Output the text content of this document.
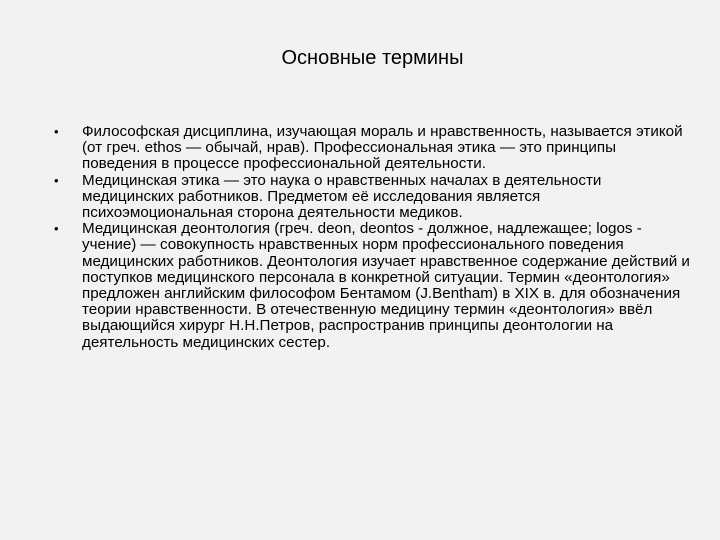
Основные термины
• Философская дисциплина, изучающая мораль и нравственность, называется этикой (от греч. ethos — обычай, нрав). Профессиональная этика — это принципы поведения в процессе профессиональной деятельности.
• Медицинская этика — это наука о нравственных началах в деятельности медицинских работников. Предметом её исследования является психоэмоциональная сторона деятельности медиков.
• Медицинская деонтология (греч. deon, deontos - должное, надлежащее; logos - учение) — совокупность нравственных норм профессионального поведения медицинских работников. Деонтология изучает нравственное содержание действий и поступков медицинского персонала в конкретной ситуации. Термин «деонтология» предложен английским философом Бентамом (J.Bentham) в XIX в. для обозначения теории нравственности. В отечественную медицину термин «деонтология» ввёл выдающийся хирург Н.Н.Петров, распространив принципы деонтологии на деятельность медицинских сестер.
